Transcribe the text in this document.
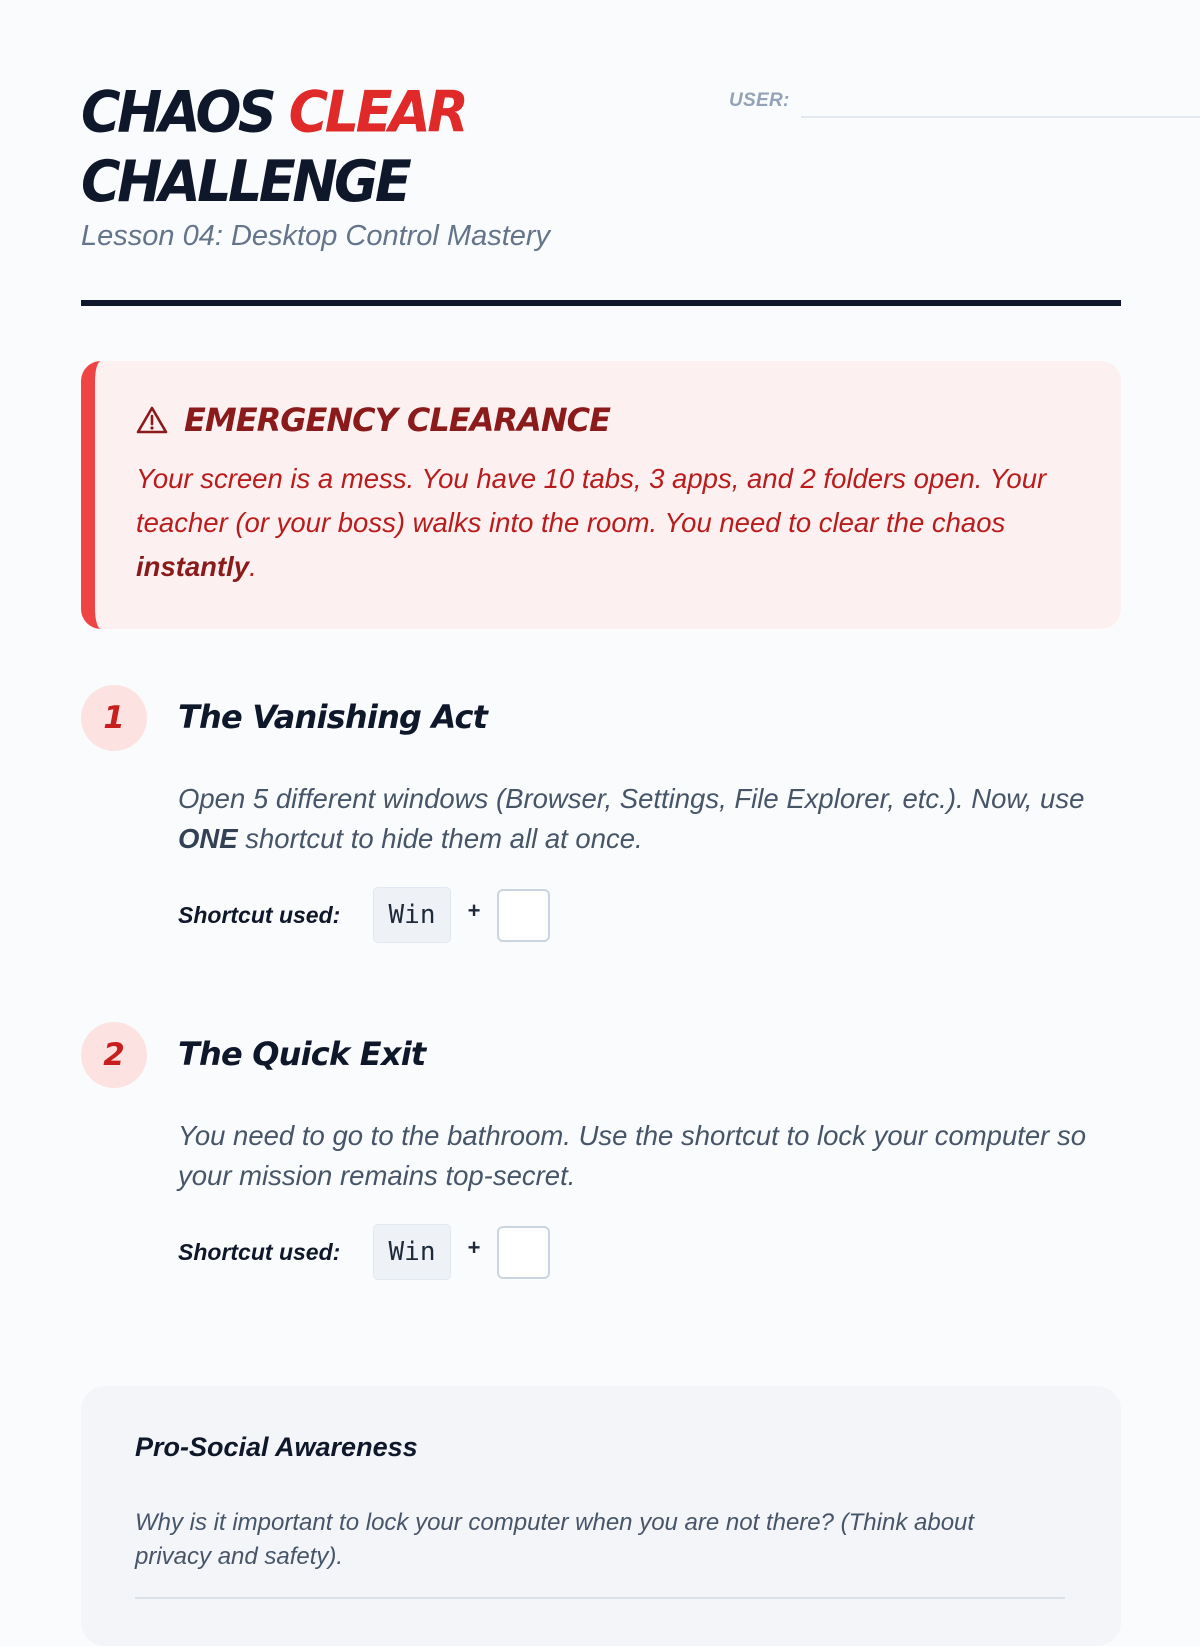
CHAOS CLEAR
CHALLENGE
Lesson 04: Desktop Control Mastery
USER:
EMERGENCY CLEARANCE
Your screen is a mess. You have 10 tabs, 3 apps, and 2 folders open. Your teacher (or your boss) walks into the room. You need to clear the chaos instantly.
1	The Vanishing Act
Open 5 different windows (Browser, Settings, File Explorer, etc.). Now, use ONE shortcut to hide them all at once.
Shortcut used:	Win	+
2	The Quick Exit
You need to go to the bathroom. Use the shortcut to lock your computer so your mission remains top-secret.
Shortcut used:	Win	+
Pro-Social Awareness
Why is it important to lock your computer when you are not there? (Think about privacy and safety).
